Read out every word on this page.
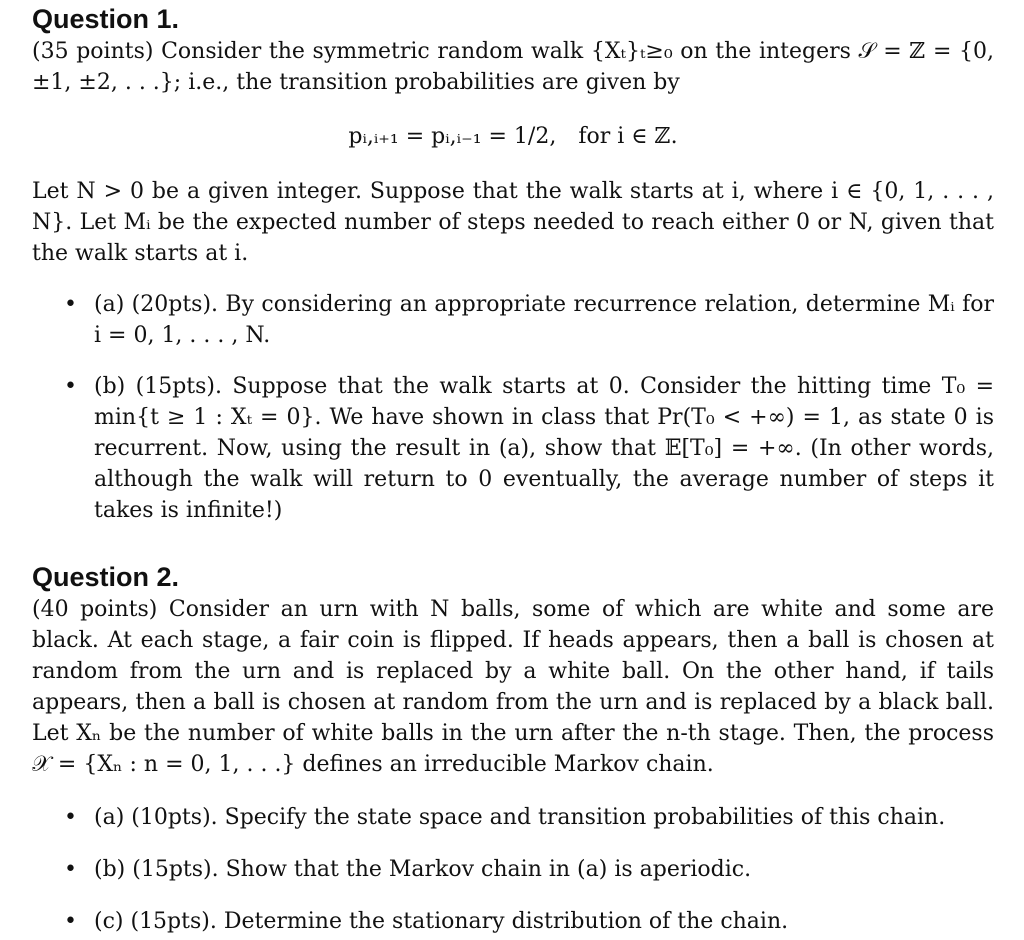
Question 1.

(35 points) Consider the symmetric random walk {Xₜ}ₜ≥₀ on the integers 𝒮 = ℤ = {0, ±1, ±2, . . .}; i.e., the transition probabilities are given by

pᵢ,ᵢ₊₁ = pᵢ,ᵢ₋₁ = 1/2, for i ∈ ℤ.

Let N > 0 be a given integer. Suppose that the walk starts at i, where i ∈ {0, 1, . . . , N}. Let Mᵢ be the expected number of steps needed to reach either 0 or N, given that the walk starts at i.

• (a) (20pts). By considering an appropriate recurrence relation, determine Mᵢ for i = 0, 1, . . . , N.
• (b) (15pts). Suppose that the walk starts at 0. Consider the hitting time T₀ = min{t ≥ 1 : Xₜ = 0}. We have shown in class that Pr(T₀ < +∞) = 1, as state 0 is recurrent. Now, using the result in (a), show that 𝔼[T₀] = +∞. (In other words, although the walk will return to 0 eventually, the average number of steps it takes is infinite!)
Question 2.

(40 points) Consider an urn with N balls, some of which are white and some are black. At each stage, a fair coin is flipped. If heads appears, then a ball is chosen at random from the urn and is replaced by a white ball. On the other hand, if tails appears, then a ball is chosen at random from the urn and is replaced by a black ball. Let Xₙ be the number of white balls in the urn after the n-th stage. Then, the process 𝒳 = {Xₙ : n = 0, 1, . . .} defines an irreducible Markov chain.

• (a) (10pts). Specify the state space and transition probabilities of this chain.
• (b) (15pts). Show that the Markov chain in (a) is aperiodic.
• (c) (15pts). Determine the stationary distribution of the chain.
